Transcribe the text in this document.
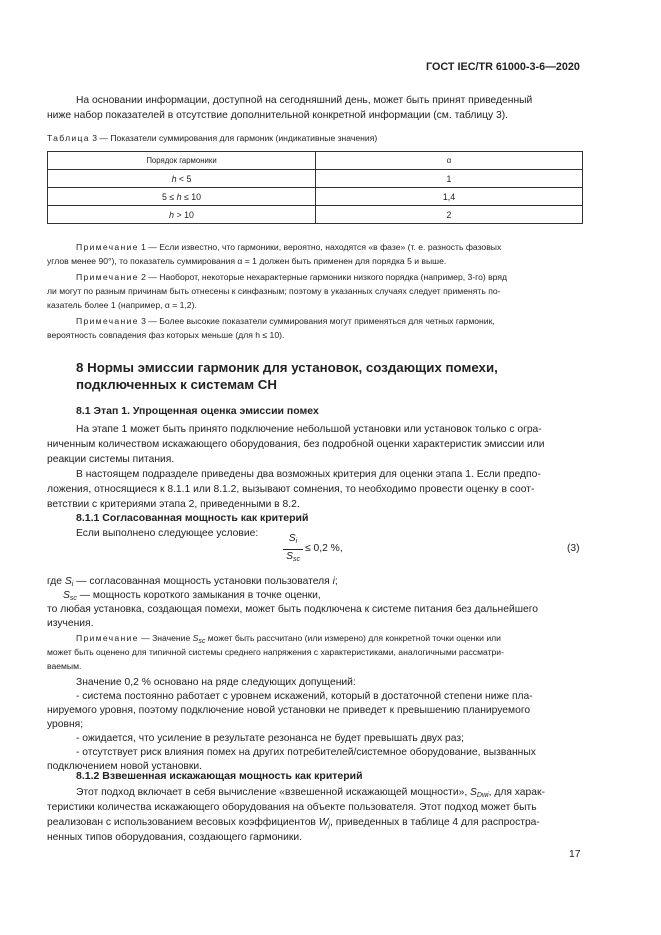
ГОСТ IEC/TR 61000-3-6—2020
На основании информации, доступной на сегодняшний день, может быть принят приведенный
ниже набор показателей в отсутствие дополнительной конкретной информации (см. таблицу 3).
Таблица 3 — Показатели суммирования для гармоник (индикативные значения)
Порядок гармоники	α
h < 5	1
5 ≤ h ≤ 10	1,4
h > 10	2
Примечание 1 — Если известно, что гармоники, вероятно, находятся «в фазе» (т. е. разность фазовых
углов менее 90°), то показатель суммирования α = 1 должен быть применен для порядка 5 и выше.
Примечание 2 — Наоборот, некоторые нехарактерные гармоники низкого порядка (например, 3-го) вряд
ли могут по разным причинам быть отнесены к синфазным; поэтому в указанных случаях следует применять по-
казатель более 1 (например, α = 1,2).
Примечание 3 — Более высокие показатели суммирования могут применяться для четных гармоник,
вероятность совпадения фаз которых меньше (для h ≤ 10).
8 Нормы эмиссии гармоник для установок, создающих помехи,
подключенных к системам СН
8.1 Этап 1. Упрощенная оценка эмиссии помех
На этапе 1 может быть принято подключение небольшой установки или установок только с огра-
ниченным количеством искажающего оборудования, без подробной оценки характеристик эмиссии или
реакции системы питания.
В настоящем подразделе приведены два возможных критерия для оценки этапа 1. Если предпо-
ложения, относящиеся к 8.1.1 или 8.1.2, вызывают сомнения, то необходимо провести оценку в соот-
ветствии с критериями этапа 2, приведенными в 8.2.
8.1.1 Согласованная мощность как критерий
Если выполнено следующее условие:	$S_i$
$S_{sc}$
≤ 0,2 %,	(3)
где $S_i$ — согласованная мощность установки пользователя i;
$S_{sc}$ — мощность короткого замыкания в точке оценки,
то любая установка, создающая помехи, может быть подключена к системе питания без дальнейшего
изучения.
Примечание — Значение $S_{sc}$ может быть рассчитано (или измерено) для конкретной точки оценки или
может быть оценено для типичной системы среднего напряжения с характеристиками, аналогичными рассматри-
ваемым.
Значение 0,2 % основано на ряде следующих допущений:
- система постоянно работает с уровнем искажений, который в достаточной степени ниже пла-
нируемого уровня, поэтому подключение новой установки не приведет к превышению планируемого
уровня;
- ожидается, что усиление в результате резонанса не будет превышать двух раз;
- отсутствует риск влияния помех на других потребителей/системное оборудование, вызванных
подключением новой установки.
8.1.2 Взвешенная искажающая мощность как критерий
Этот подход включает в себя вычисление «взвешенной искажающей мощности», $S_{Dwi}$, для харак-
теристики количества искажающего оборудования на объекте пользователя. Этот подход может быть
реализован с использованием весовых коэффициентов $W_j$, приведенных в таблице 4 для распростра-
ненных типов оборудования, создающего гармоники.
17
